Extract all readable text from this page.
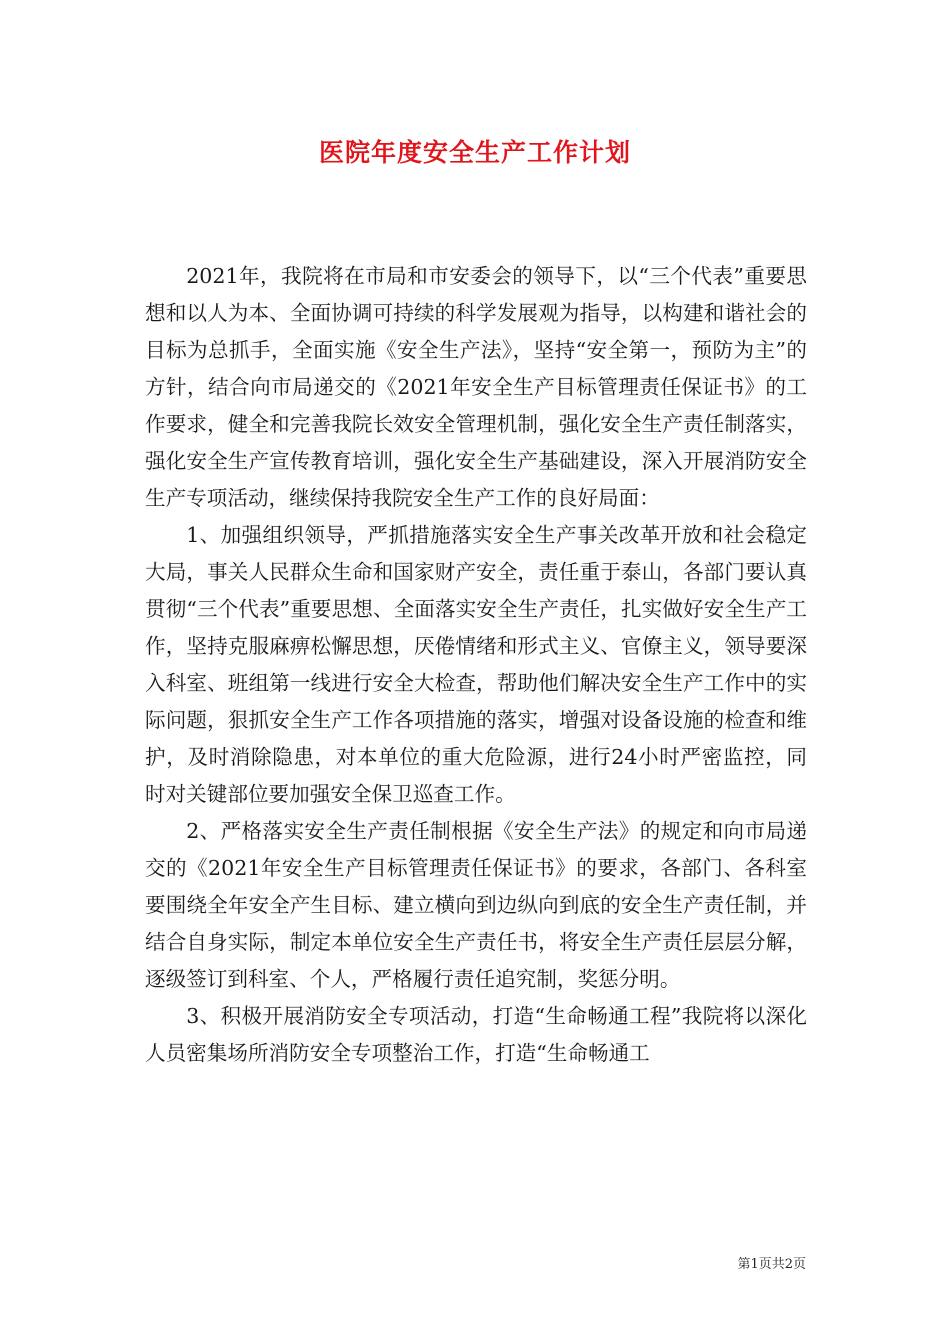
医院年度安全生产工作计划

2021年，我院将在市局和市安委会的领导下，以“三个代表”重要思想和以人为本、全面协调可持续的科学发展观为指导，以构建和谐社会的目标为总抓手，全面实施《安全生产法》，坚持“安全第一，预防为主”的方针，结合向市局递交的《2021年安全生产目标管理责任保证书》的工作要求，健全和完善我院长效安全管理机制，强化安全生产责任制落实，强化安全生产宣传教育培训，强化安全生产基础建设，深入开展消防安全生产专项活动，继续保持我院安全生产工作的良好局面：

1、加强组织领导，严抓措施落实安全生产事关改革开放和社会稳定大局，事关人民群众生命和国家财产安全，责任重于泰山，各部门要认真贯彻“三个代表”重要思想、全面落实安全生产责任，扎实做好安全生产工作，坚持克服麻痹松懈思想，厌倦情绪和形式主义、官僚主义，领导要深入科室、班组第一线进行安全大检查，帮助他们解决安全生产工作中的实际问题，狠抓安全生产工作各项措施的落实，增强对设备设施的检查和维护，及时消除隐患，对本单位的重大危险源，进行24小时严密监控，同时对关键部位要加强安全保卫巡查工作。

2、严格落实安全生产责任制根据《安全生产法》的规定和向市局递交的《2021年安全生产目标管理责任保证书》的要求，各部门、各科室要围绕全年安全产生目标、建立横向到边纵向到底的安全生产责任制，并结合自身实际，制定本单位安全生产责任书，将安全生产责任层层分解，逐级签订到科室、个人，严格履行责任追究制，奖惩分明。

3、积极开展消防安全专项活动，打造“生命畅通工程”我院将以深化人员密集场所消防安全专项整治工作，打造“生命畅通工

第1页共2页
